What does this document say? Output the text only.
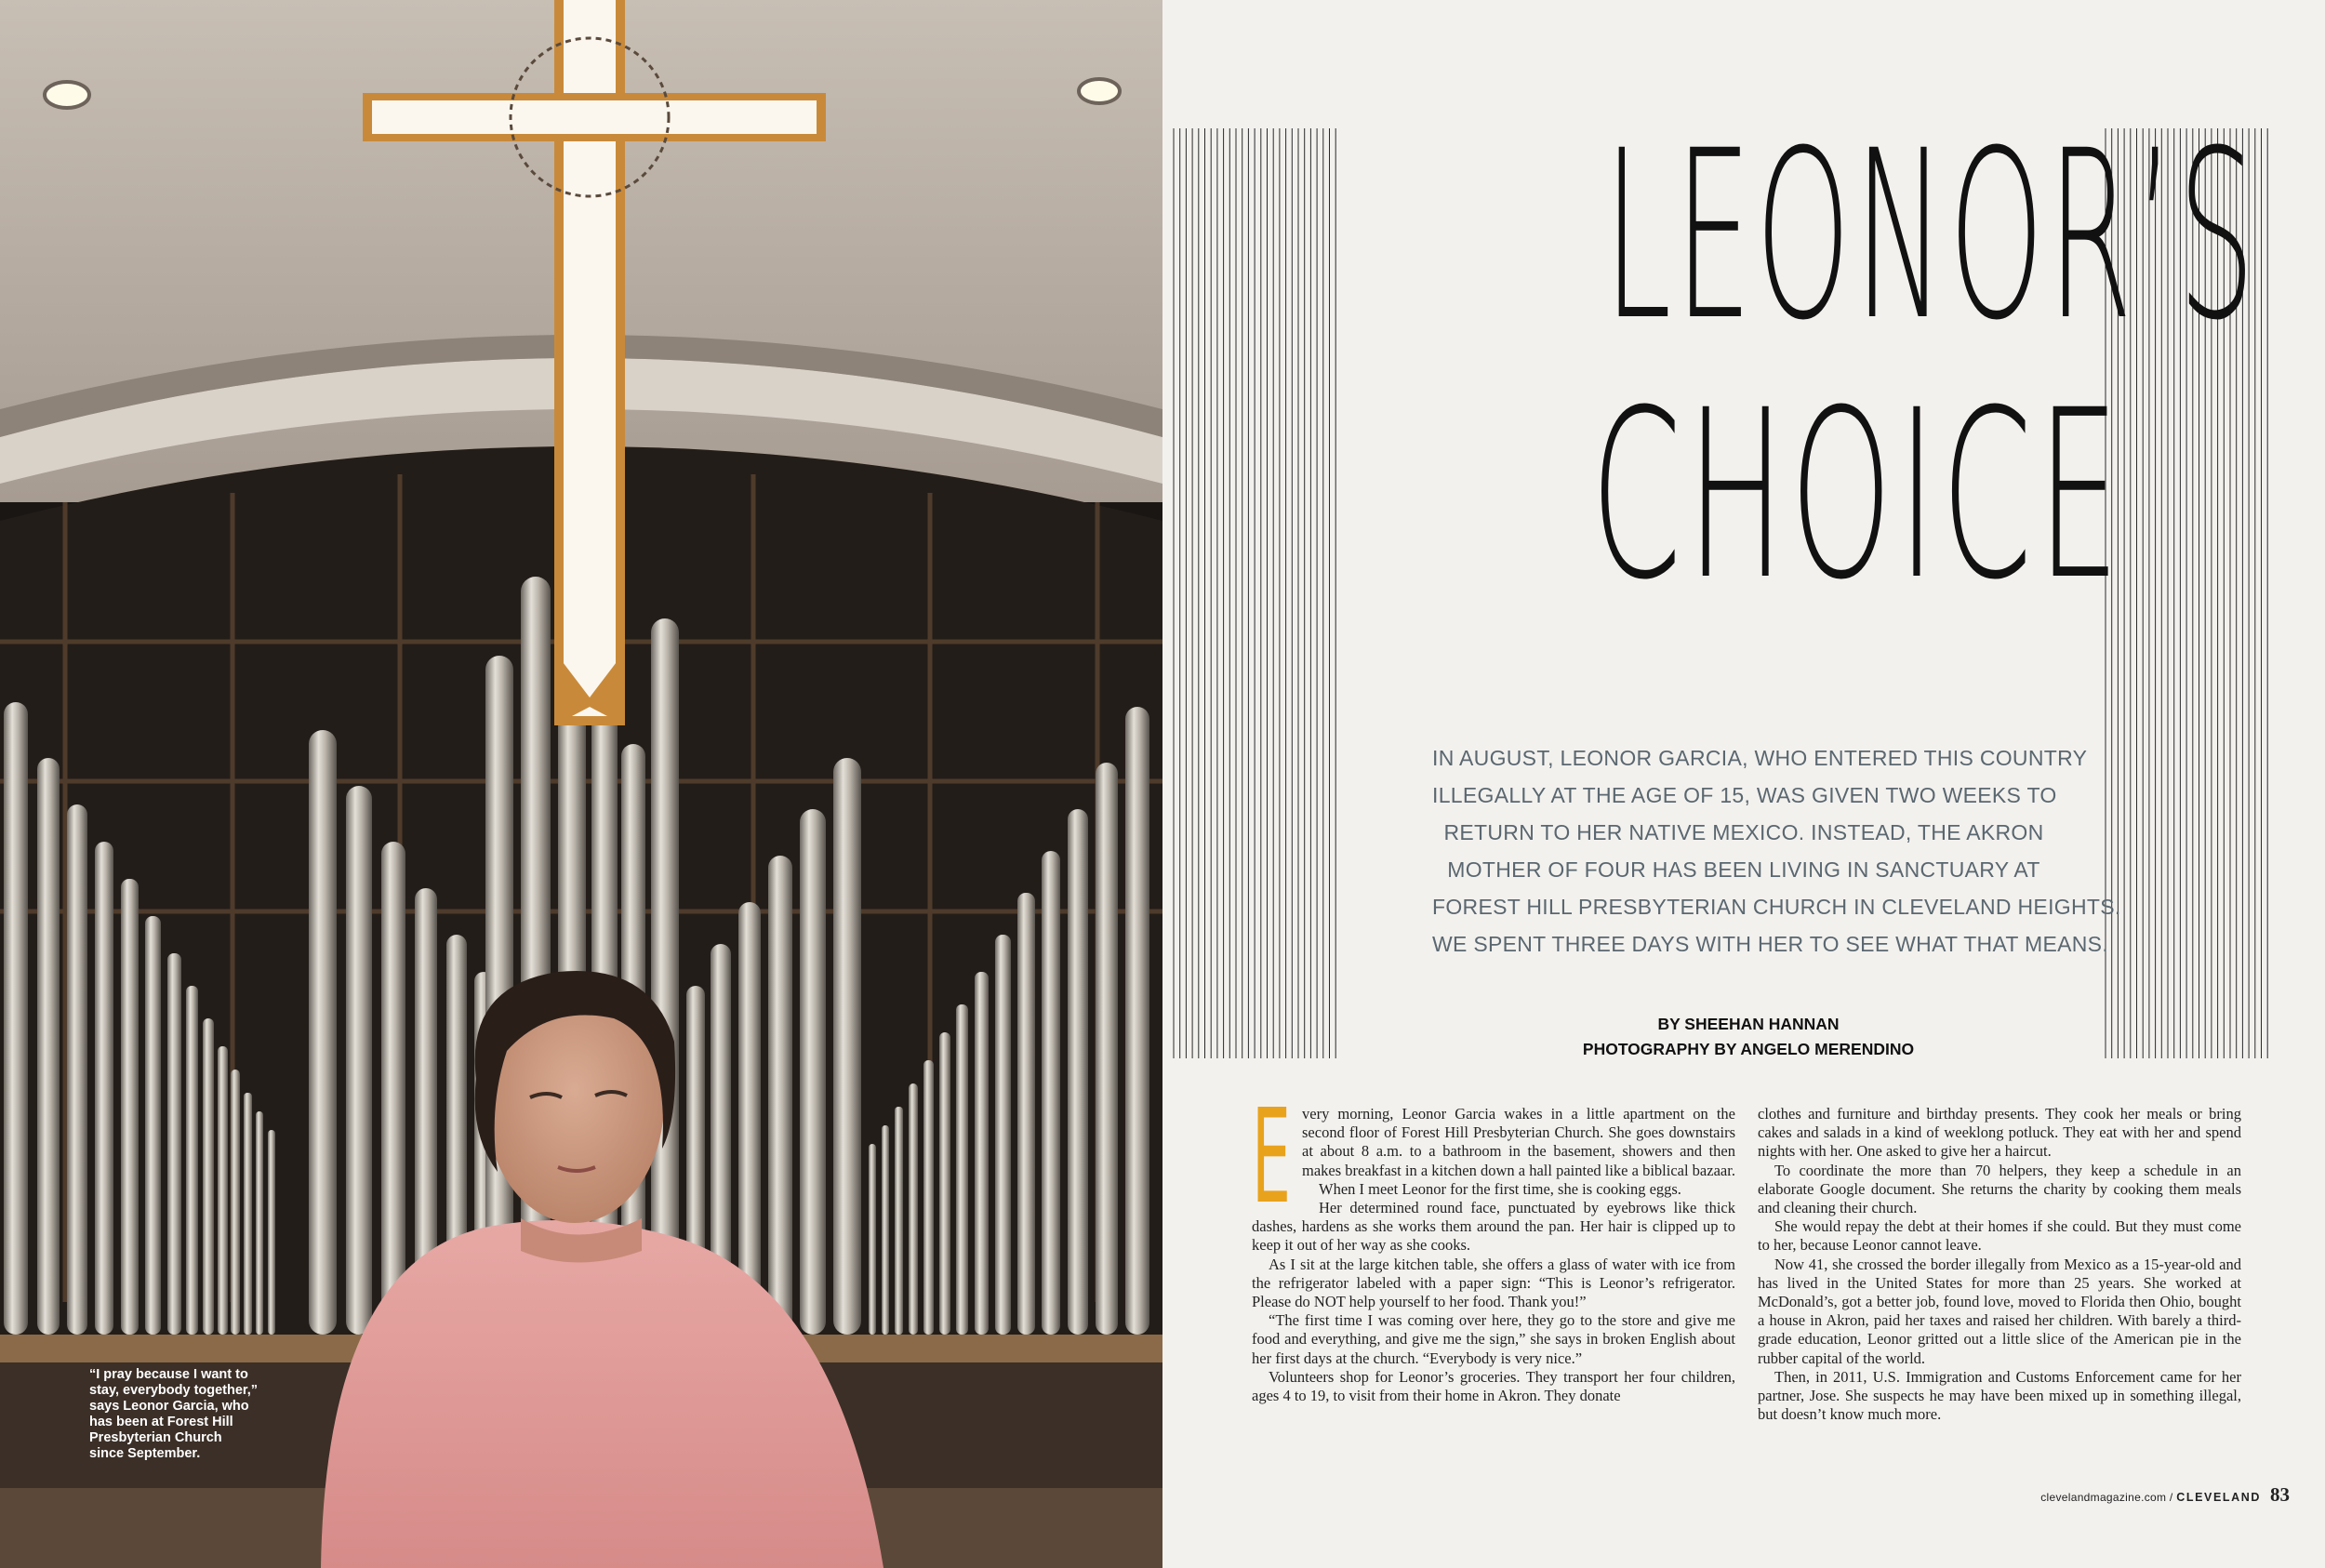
“I pray because I want to
stay, everybody together,”
says Leonor Garcia, who
has been at Forest Hill
Presbyterian Church
since September.

LEONOR’S
CHOICE
IN AUGUST, LEONOR GARCIA, WHO ENTERED THIS COUNTRY
ILLEGALLY AT THE AGE OF 15, WAS GIVEN TWO WEEKS TO
RETURN TO HER NATIVE MEXICO. INSTEAD, THE AKRON
MOTHER OF FOUR HAS BEEN LIVING IN SANCTUARY AT
FOREST HILL PRESBYTERIAN CHURCH IN CLEVELAND HEIGHTS.
WE SPENT THREE DAYS WITH HER TO SEE WHAT THAT MEANS.
BY SHEEHAN HANNAN
PHOTOGRAPHY BY ANGELO MERENDINO

E very morning, Leonor Garcia wakes in a little apartment on the second floor of Forest Hill Presbyterian Church. She goes downstairs at about 8 a.m. to a bathroom in the basement, showers and then makes breakfast in a kitchen down a hall painted like a biblical bazaar.

When I meet Leonor for the first time, she is cooking eggs.

Her determined round face, punctuated by eyebrows like thick dashes, hardens as she works them around the pan. Her hair is clipped up to keep it out of her way as she cooks.

As I sit at the large kitchen table, she offers a glass of water with ice from the refrigerator labeled with a paper sign: “This is Leonor’s refrigerator. Please do NOT help yourself to her food. Thank you!”

“The first time I was coming over here, they go to the store and give me food and everything, and give me the sign,” she says in broken English about her first days at the church. “Everybody is very nice.”

Volunteers shop for Leonor’s groceries. They transport her four children, ages 4 to 19, to visit from their home in Akron. They donate

clothes and furniture and birthday presents. They cook her meals or bring cakes and salads in a kind of weeklong potluck. They eat with her and spend nights with her. One asked to give her a haircut.

To coordinate the more than 70 helpers, they keep a schedule in an elaborate Google document. She returns the charity by cooking them meals and cleaning their church.

She would repay the debt at their homes if she could. But they must come to her, because Leonor cannot leave.

Now 41, she crossed the border illegally from Mexico as a 15-year-old and has lived in the United States for more than 25 years. She worked at McDonald’s, got a better job, found love, moved to Florida then Ohio, bought a house in Akron, paid her taxes and raised her children. With barely a third-grade education, Leonor gritted out a little slice of the American pie in the rubber capital of the world.

Then, in 2011, U.S. Immigration and Customs Enforcement came for her partner, Jose. She suspects he may have been mixed up in something illegal, but doesn’t know much more.

clevelandmagazine.com / CLEVELAND 83
